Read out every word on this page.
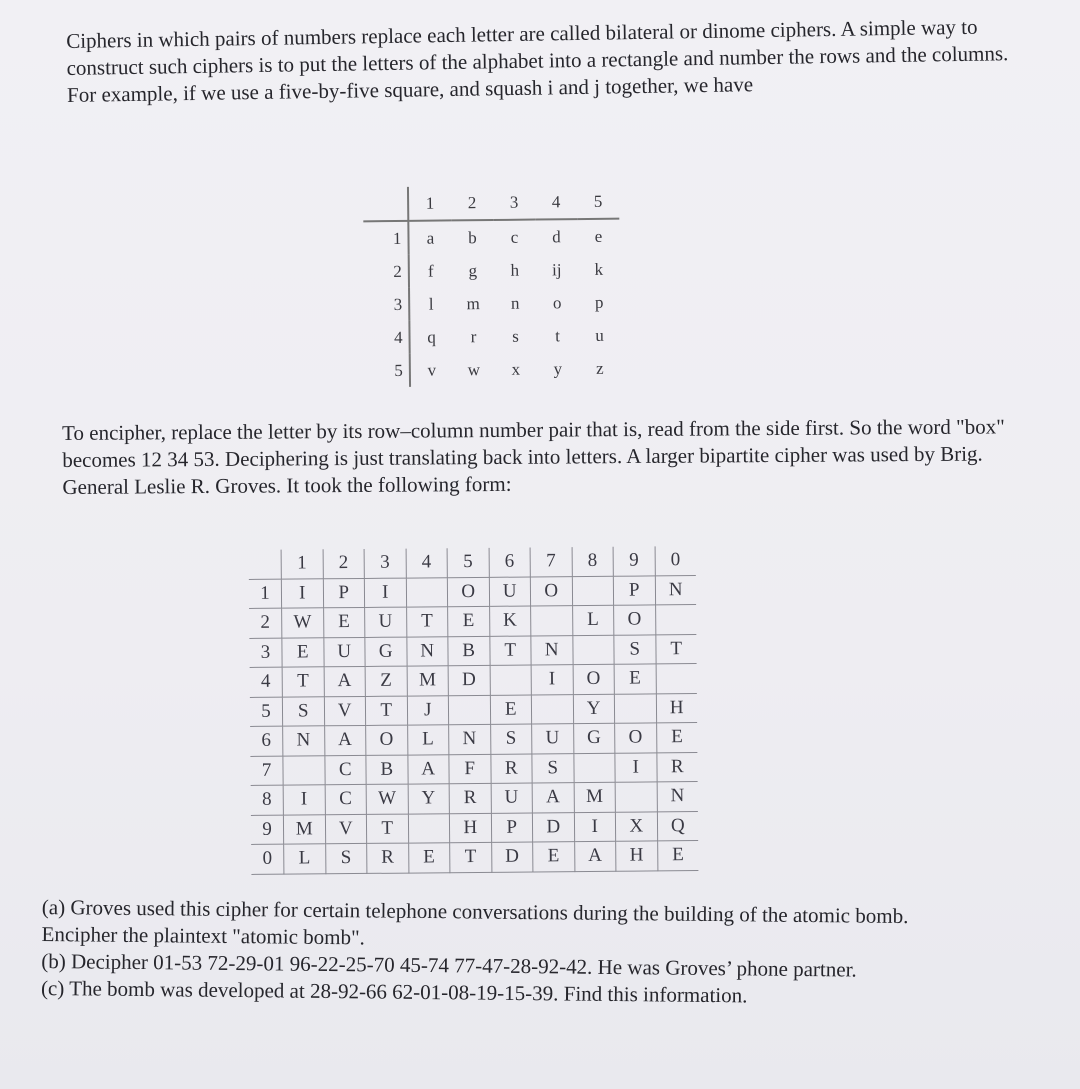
Ciphers in which pairs of numbers replace each letter are called bilateral or dinome ciphers. A simple way to construct such ciphers is to put the letters of the alphabet into a rectangle and number the rows and the columns. For example, if we use a five-by-five square, and squash i and j together, we have

	1	2	3	4	5
1	a	b	c	d	e
2	f	g	h	ij	k
3	l	m	n	o	p
4	q	r	s	t	u
5	v	w	x	y	z

To encipher, replace the letter by its row–column number pair that is, read from the side first. So the word "box" becomes 12 34 53. Deciphering is just translating back into letters. A larger bipartite cipher was used by Brig. General Leslie R. Groves. It took the following form:

	1	2	3	4	5	6	7	8	9	0
1	I	P	I		O	U	O		P	N
2	W	E	U	T	E	K		L	O	
3	E	U	G	N	B	T	N		S	T
4	T	A	Z	M	D		I	O	E	
5	S	V	T	J		E		Y		H
6	N	A	O	L	N	S	U	G	O	E
7		C	B	A	F	R	S		I	R
8	I	C	W	Y	R	U	A	M		N
9	M	V	T		H	P	D	I	X	Q
0	L	S	R	E	T	D	E	A	H	E

(a) Groves used this cipher for certain telephone conversations during the building of the atomic bomb. Encipher the plaintext "atomic bomb".

(b) Decipher 01-53 72-29-01 96-22-25-70 45-74 77-47-28-92-42. He was Groves’ phone partner.

(c) The bomb was developed at 28-92-66 62-01-08-19-15-39. Find this information.
